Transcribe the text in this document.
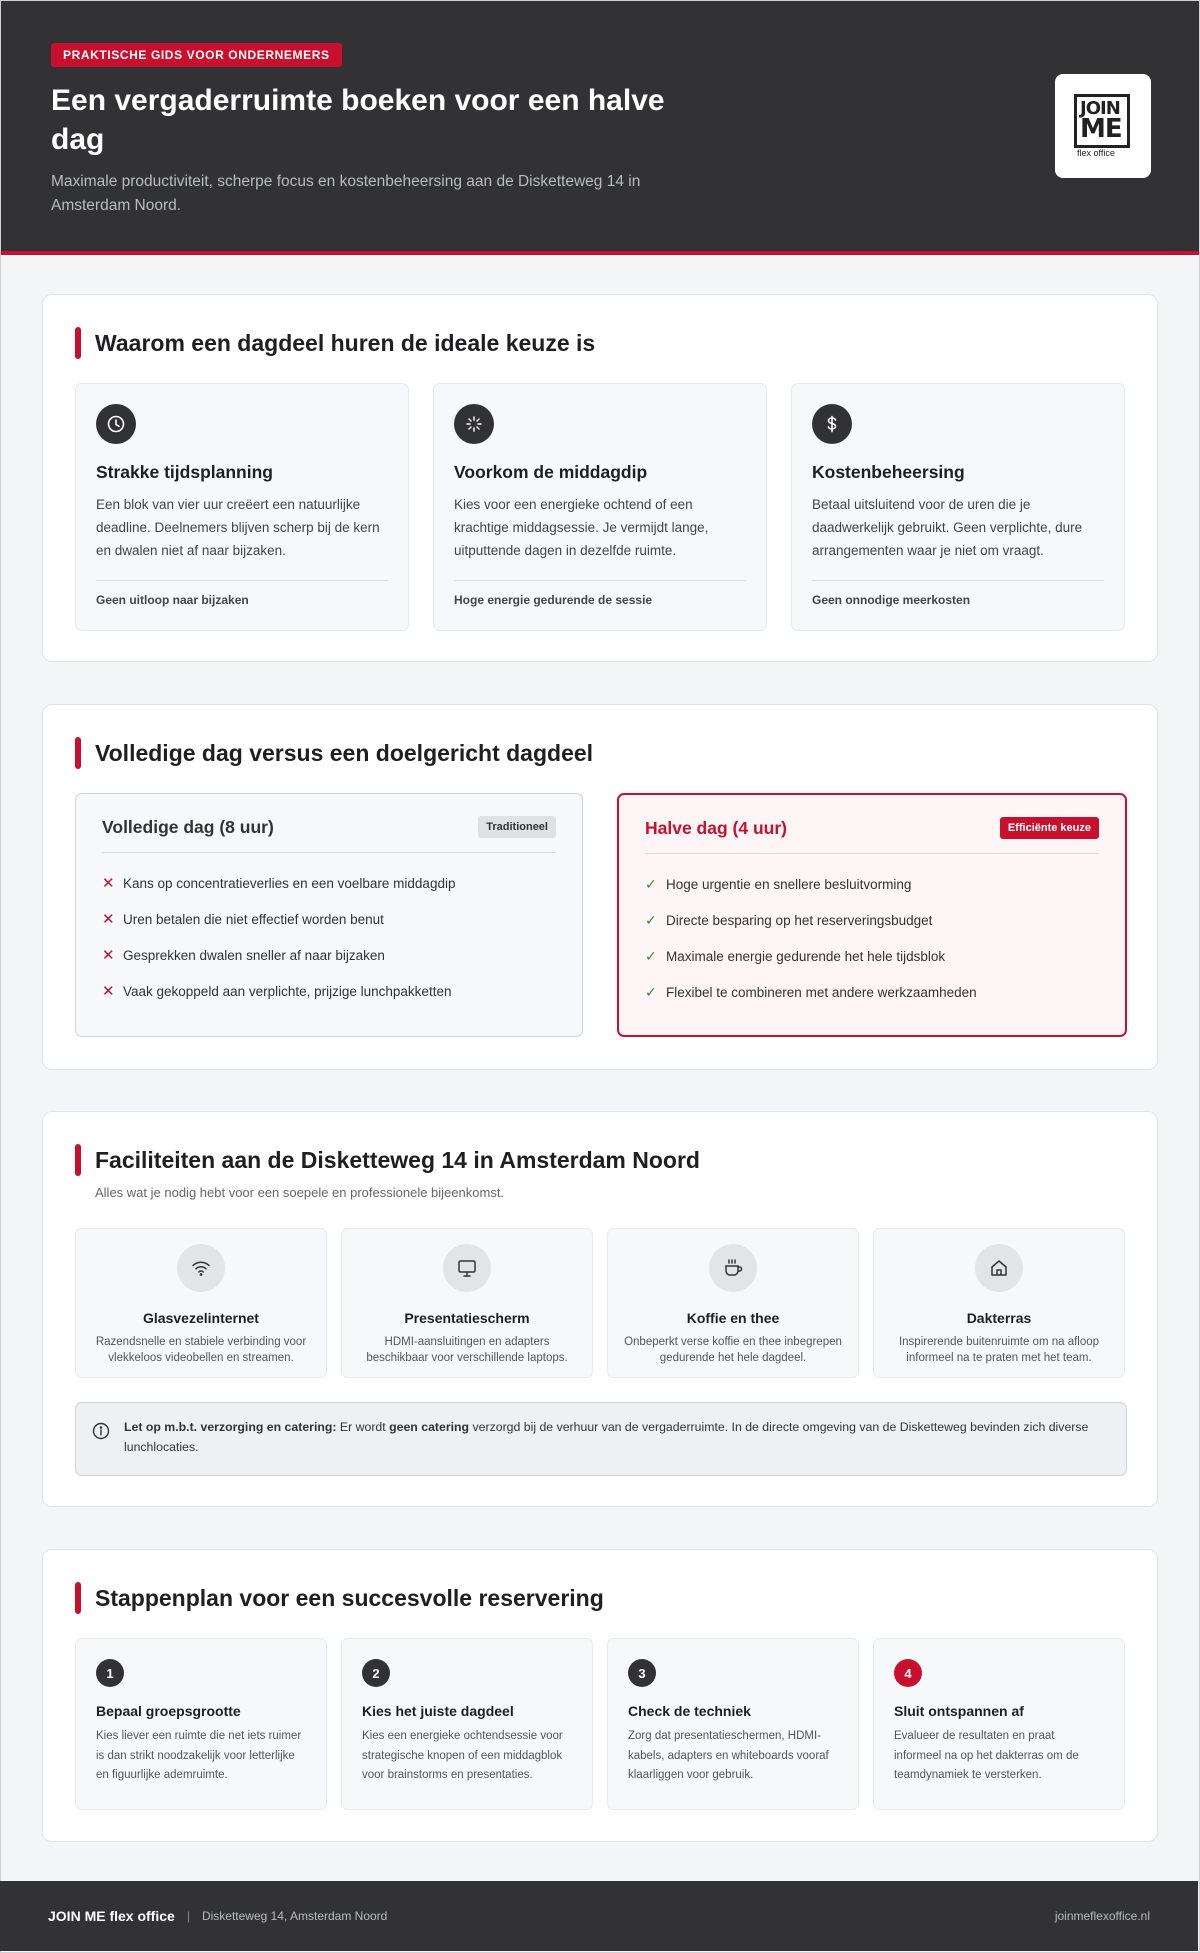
PRAKTISCHE GIDS VOOR ONDERNEMERS
Een vergaderruimte boeken voor een halve dag
Maximale productiviteit, scherpe focus en kostenbeheersing aan de Disketteweg 14 in Amsterdam Noord.
JOIN
ME
flex office
Waarom een dagdeel huren de ideale keuze is
Strakke tijdsplanning

Een blok van vier uur creëert een natuurlijke deadline. Deelnemers blijven scherp bij de kern en dwalen niet af naar bijzaken.

Geen uitloop naar bijzaken
Voorkom de middagdip

Kies voor een energieke ochtend of een krachtige middagsessie. Je vermijdt lange, uitputtende dagen in dezelfde ruimte.

Hoge energie gedurende de sessie
Kostenbeheersing

Betaal uitsluitend voor de uren die je daadwerkelijk gebruikt. Geen verplichte, dure arrangementen waar je niet om vraagt.

Geen onnodige meerkosten
Volledige dag versus een doelgericht dagdeel
Volledige dag (8 uur)	Traditioneel
✕ Kans op concentratieverlies en een voelbare middagdip
✕ Uren betalen die niet effectief worden benut
✕ Gesprekken dwalen sneller af naar bijzaken
✕ Vaak gekoppeld aan verplichte, prijzige lunchpakketten
Halve dag (4 uur)	Efficiënte keuze
✓ Hoge urgentie en snellere besluitvorming
✓ Directe besparing op het reserveringsbudget
✓ Maximale energie gedurende het hele tijdsblok
✓ Flexibel te combineren met andere werkzaamheden
Faciliteiten aan de Disketteweg 14 in Amsterdam Noord
Alles wat je nodig hebt voor een soepele en professionele bijeenkomst.
Glasvezelinternet

Razendsnelle en stabiele verbinding voor vlekkeloos videobellen en streamen.

Presentatiescherm

HDMI-aansluitingen en adapters beschikbaar voor verschillende laptops.

Koffie en thee

Onbeperkt verse koffie en thee inbegrepen gedurende het hele dagdeel.

Dakterras

Inspirerende buitenruimte om na afloop informeel na te praten met het team.

Let op m.b.t. verzorging en catering: Er wordt geen catering verzorgd bij de verhuur van de vergaderruimte. In de directe omgeving van de Disketteweg bevinden zich diverse lunchlocaties.
Stappenplan voor een succesvolle reservering
1
Bepaal groepsgrootte

Kies liever een ruimte die net iets ruimer is dan strikt noodzakelijk voor letterlijke en figuurlijke ademruimte.

2
Kies het juiste dagdeel

Kies een energieke ochtendsessie voor strategische knopen of een middagblok voor brainstorms en presentaties.

3
Check de techniek

Zorg dat presentatieschermen, HDMI-kabels, adapters en whiteboards vooraf klaarliggen voor gebruik.

4
Sluit ontspannen af

Evalueer de resultaten en praat informeel na op het dakterras om de teamdynamiek te versterken.

JOIN ME flex office | Disketteweg 14, Amsterdam Noord	joinmeflexoffice.nl
